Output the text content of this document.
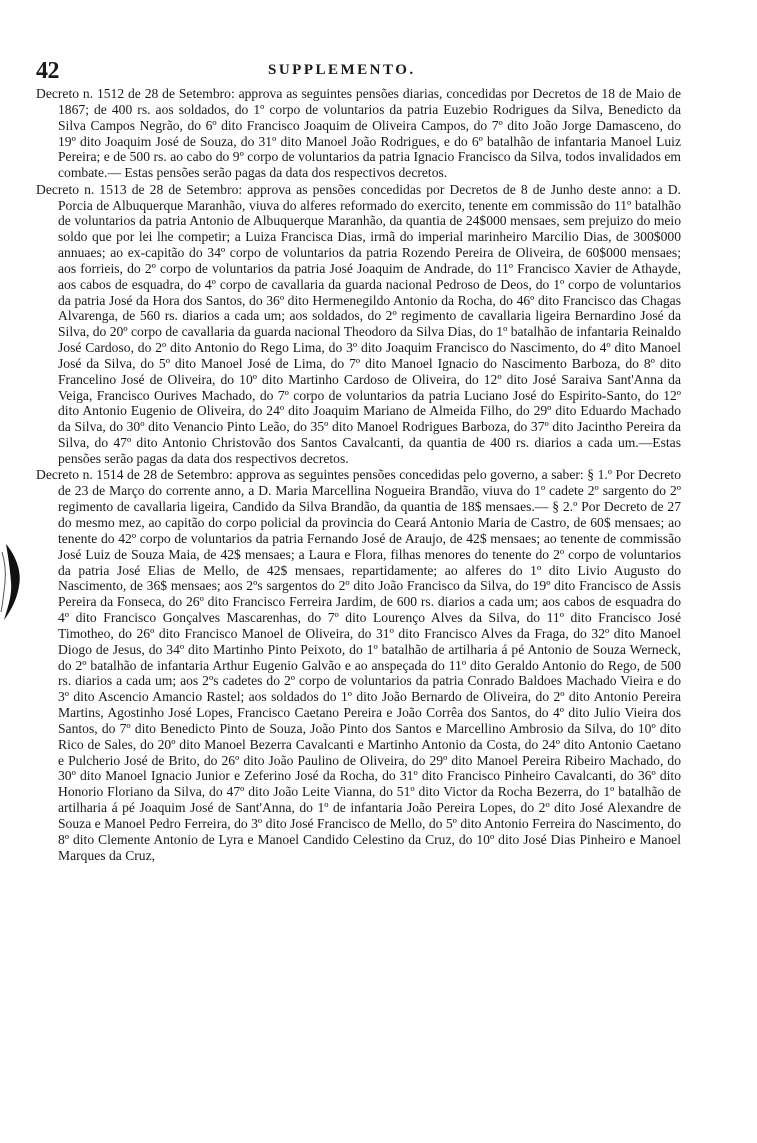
42	SUPPLEMENTO.

Decreto n. 1512 de 28 de Setembro: approva as seguintes pensões diarias, concedidas por Decretos de 18 de Maio de 1867; de 400 rs. aos soldados, do 1º corpo de voluntarios da patria Euzebio Rodrigues da Silva, Benedicto da Silva Campos Negrão, do 6º dito Francisco Joaquim de Oliveira Campos, do 7º dito João Jorge Damasceno, do 19º dito Joaquim José de Souza, do 31º dito Manoel João Rodrigues, e do 6º batalhão de infantaria Manoel Luiz Pereira; e de 500 rs. ao cabo do 9º corpo de voluntarios da patria Ignacio Francisco da Silva, todos invalidados em combate.— Estas pensões serão pagas da data dos respectivos decretos.

Decreto n. 1513 de 28 de Setembro: approva as pensões concedidas por Decretos de 8 de Junho deste anno: a D. Porcia de Albuquerque Maranhão, viuva do alferes reformado do exercito, tenente em commissão do 11º batalhão de voluntarios da patria Antonio de Albuquerque Maranhão, da quantia de 24$000 mensaes, sem prejuizo do meio soldo que por lei lhe competir; a Luiza Francisca Dias, irmã do imperial marinheiro Marcilio Dias, de 300$000 annuaes; ao ex-capitão do 34º corpo de voluntarios da patria Rozendo Pereira de Oliveira, de 60$000 mensaes; aos forrieis, do 2º corpo de voluntarios da patria José Joaquim de Andrade, do 11º Francisco Xavier de Athayde, aos cabos de esquadra, do 4º corpo de cavallaria da guarda nacional Pedroso de Deos, do 1º corpo de voluntarios da patria José da Hora dos Santos, do 36º dito Hermenegildo Antonio da Rocha, do 46º dito Francisco das Chagas Alvarenga, de 560 rs. diarios a cada um; aos soldados, do 2º regimento de cavallaria ligeira Bernardino José da Silva, do 20º corpo de cavallaria da guarda nacional Theodoro da Silva Dias, do 1º batalhão de infantaria Reinaldo José Cardoso, do 2º dito Antonio do Rego Lima, do 3º dito Joaquim Francisco do Nascimento, do 4º dito Manoel José da Silva, do 5º dito Manoel José de Lima, do 7º dito Manoel Ignacio do Nascimento Barboza, do 8º dito Francelino José de Oliveira, do 10º dito Martinho Cardoso de Oliveira, do 12º dito José Saraiva Sant'Anna da Veiga, Francisco Ourives Machado, do 7º corpo de voluntarios da patria Luciano José do Espirito-Santo, do 12º dito Antonio Eugenio de Oliveira, do 24º dito Joaquim Mariano de Almeida Filho, do 29º dito Eduardo Machado da Silva, do 30º dito Venancio Pinto Leão, do 35º dito Manoel Rodrigues Barboza, do 37º dito Jacintho Pereira da Silva, do 47º dito Antonio Christovão dos Santos Cavalcanti, da quantia de 400 rs. diarios a cada um.—Estas pensões serão pagas da data dos respectivos decretos.

Decreto n. 1514 de 28 de Setembro: approva as seguintes pensões concedidas pelo governo, a saber: § 1.º Por Decreto de 23 de Março do corrente anno, a D. Maria Marcellina Nogueira Brandão, viuva do 1º cadete 2º sargento do 2º regimento de cavallaria ligeira, Candido da Silva Brandão, da quantia de 18$ mensaes.— § 2.º Por Decreto de 27 do mesmo mez, ao capitão do corpo policial da provincia do Ceará Antonio Maria de Castro, de 60$ mensaes; ao tenente do 42º corpo de voluntarios da patria Fernando José de Araujo, de 42$ mensaes; ao tenente de commissão José Luiz de Souza Maia, de 42$ mensaes; a Laura e Flora, filhas menores do tenente do 2º corpo de voluntarios da patria José Elias de Mello, de 42$ mensaes, repartidamente; ao alferes do 1º dito Livio Augusto do Nascimento, de 36$ mensaes; aos 2ºs sargentos do 2º dito João Francisco da Silva, do 19º dito Francisco de Assis Pereira da Fonseca, do 26º dito Francisco Ferreira Jardim, de 600 rs. diarios a cada um; aos cabos de esquadra do 4º dito Francisco Gonçalves Mascarenhas, do 7º dito Lourenço Alves da Silva, do 11º dito Francisco José Timotheo, do 26º dito Francisco Manoel de Oliveira, do 31º dito Francisco Alves da Fraga, do 32º dito Manoel Diogo de Jesus, do 34º dito Martinho Pinto Peixoto, do 1º batalhão de artilharia á pé Antonio de Souza Werneck, do 2º batalhão de infantaria Arthur Eugenio Galvão e ao anspeçada do 11º dito Geraldo Antonio do Rego, de 500 rs. diarios a cada um; aos 2ºs cadetes do 2º corpo de voluntarios da patria Conrado Baldoes Machado Vieira e do 3º dito Ascencio Amancio Rastel; aos soldados do 1º dito João Bernardo de Oliveira, do 2º dito Antonio Pereira Martins, Agostinho José Lopes, Francisco Caetano Pereira e João Corrêa dos Santos, do 4º dito Julio Vieira dos Santos, do 7º dito Benedicto Pinto de Souza, João Pinto dos Santos e Marcellino Ambrosio da Silva, do 10º dito Rico de Sales, do 20º dito Manoel Bezerra Cavalcanti e Martinho Antonio da Costa, do 24º dito Antonio Caetano e Pulcherio José de Brito, do 26º dito João Paulino de Oliveira, do 29º dito Manoel Pereira Ribeiro Machado, do 30º dito Manoel Ignacio Junior e Zeferino José da Rocha, do 31º dito Francisco Pinheiro Cavalcanti, do 36º dito Honorio Floriano da Silva, do 47º dito João Leite Vianna, do 51º dito Victor da Rocha Bezerra, do 1º batalhão de artilharia á pé Joaquim José de Sant'Anna, do 1º de infantaria João Pereira Lopes, do 2º dito José Alexandre de Souza e Manoel Pedro Ferreira, do 3º dito José Francisco de Mello, do 5º dito Antonio Ferreira do Nascimento, do 8º dito Clemente Antonio de Lyra e Manoel Candido Celestino da Cruz, do 10º dito José Dias Pinheiro e Manoel Marques da Cruz,
